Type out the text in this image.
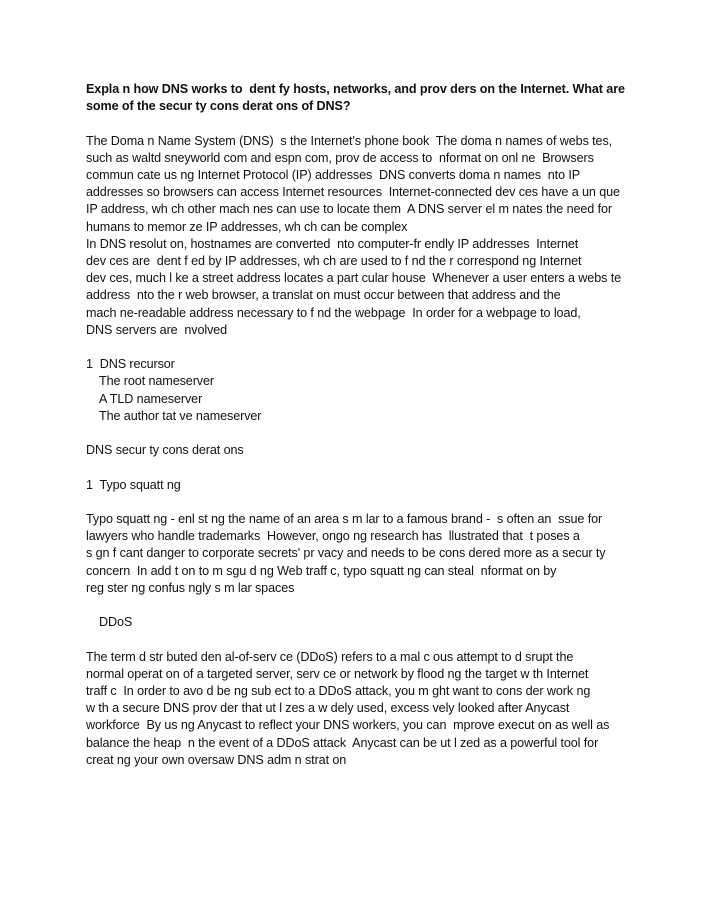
Expla n how DNS works to  dent fy hosts, networks, and prov ders on the Internet. What are
some of the secur ty cons derat ons of DNS?
The Doma n Name System (DNS)  s the Internet's phone book  The doma n names of webs tes,
such as waltd sneyworld com and espn com, prov de access to  nformat on onl ne  Browsers
commun cate us ng Internet Protocol (IP) addresses  DNS converts doma n names  nto IP
addresses so browsers can access Internet resources  Internet-connected dev ces have a un que
IP address, wh ch other mach nes can use to locate them  A DNS server el m nates the need for
humans to memor ze IP addresses, wh ch can be complex
In DNS resolut on, hostnames are converted  nto computer-fr endly IP addresses  Internet
dev ces are  dent f ed by IP addresses, wh ch are used to f nd the r correspond ng Internet
dev ces, much l ke a street address locates a part cular house  Whenever a user enters a webs te
address  nto the r web browser, a translat on must occur between that address and the
mach ne-readable address necessary to f nd the webpage  In order for a webpage to load,
DNS servers are  nvolved
1  DNS recursor
The root nameserver
A TLD nameserver
The author tat ve nameserver
DNS secur ty cons derat ons
1  Typo squatt ng
Typo squatt ng - enl st ng the name of an area s m lar to a famous brand -  s often an  ssue for
lawyers who handle trademarks  However, ongo ng research has  llustrated that  t poses a
s gn f cant danger to corporate secrets' pr vacy and needs to be cons dered more as a secur ty
concern  In add t on to m sgu d ng Web traff c, typo squatt ng can steal  nformat on by
reg ster ng confus ngly s m lar spaces
DDoS
The term d str buted den al-of-serv ce (DDoS) refers to a mal c ous attempt to d srupt the
normal operat on of a targeted server, serv ce or network by flood ng the target w th Internet
traff c  In order to avo d be ng sub ect to a DDoS attack, you m ght want to cons der work ng
w th a secure DNS prov der that ut l zes a w dely used, excess vely looked after Anycast
workforce  By us ng Anycast to reflect your DNS workers, you can  mprove execut on as well as
balance the heap  n the event of a DDoS attack  Anycast can be ut l zed as a powerful tool for
creat ng your own oversaw DNS adm n strat on
